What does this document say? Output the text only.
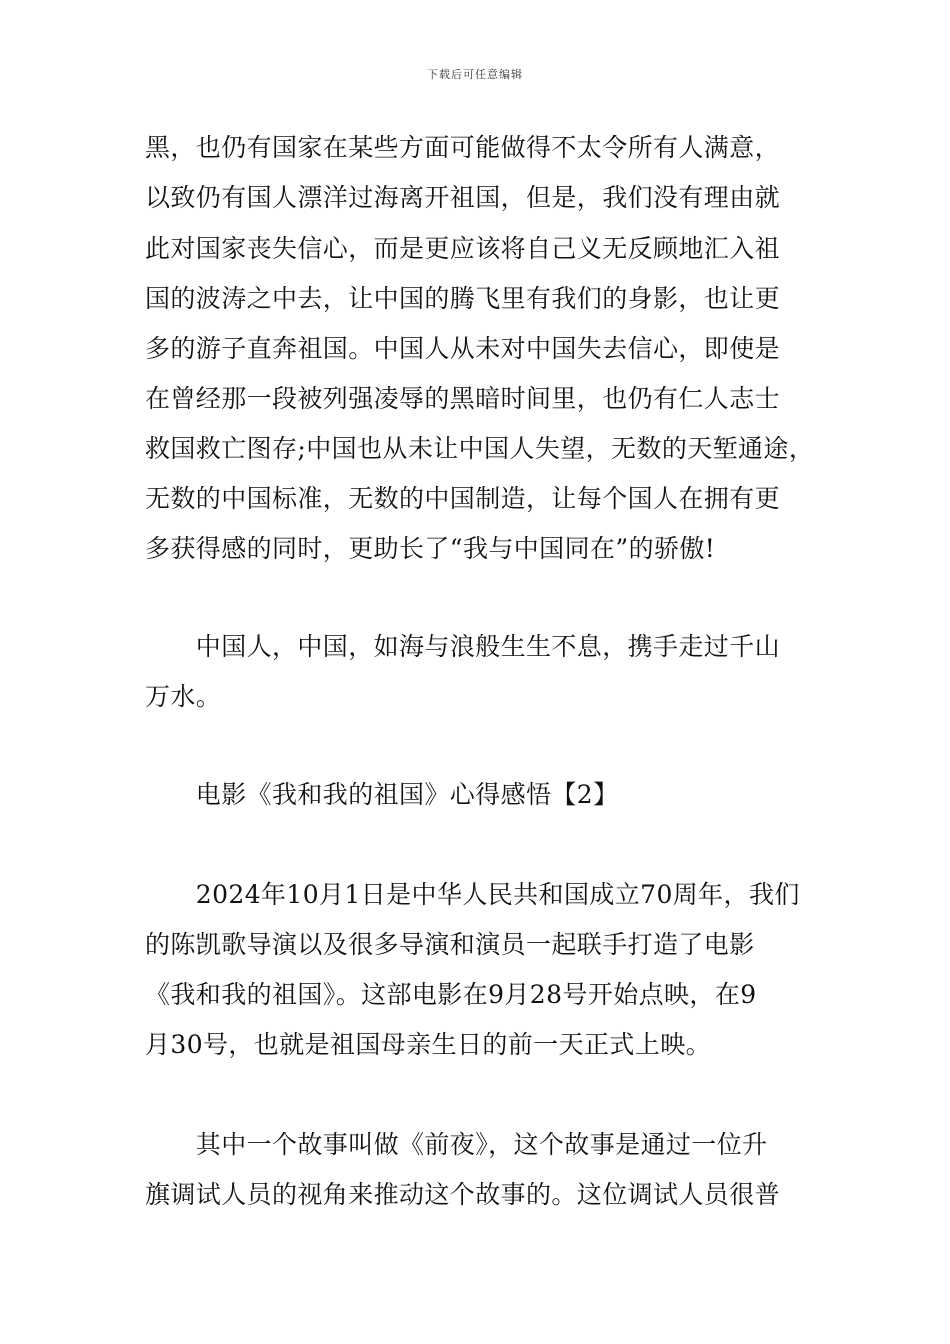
下载后可任意编辑
黑，也仍有国家在某些方面可能做得不太令所有人满意，
以致仍有国人漂洋过海离开祖国，但是，我们没有理由就
此对国家丧失信心，而是更应该将自己义无反顾地汇入祖
国的波涛之中去，让中国的腾飞里有我们的身影，也让更
多的游子直奔祖国。中国人从未对中国失去信心，即使是
在曾经那一段被列强凌辱的黑暗时间里，也仍有仁人志士
救国救亡图存;中国也从未让中国人失望，无数的天堑通途，
无数的中国标准，无数的中国制造，让每个国人在拥有更
多获得感的同时，更助长了“我与中国同在”的骄傲!
　　中国人，中国，如海与浪般生生不息，携手走过千山
万水。
　　电影《我和我的祖国》心得感悟【2】
　　2024年10月1日是中华人民共和国成立70周年，我们
的陈凯歌导演以及很多导演和演员一起联手打造了电影
《我和我的祖国》。这部电影在9月28号开始点映，在9
月30号，也就是祖国母亲生日的前一天正式上映。
　　其中一个故事叫做《前夜》，这个故事是通过一位升
旗调试人员的视角来推动这个故事的。这位调试人员很普
